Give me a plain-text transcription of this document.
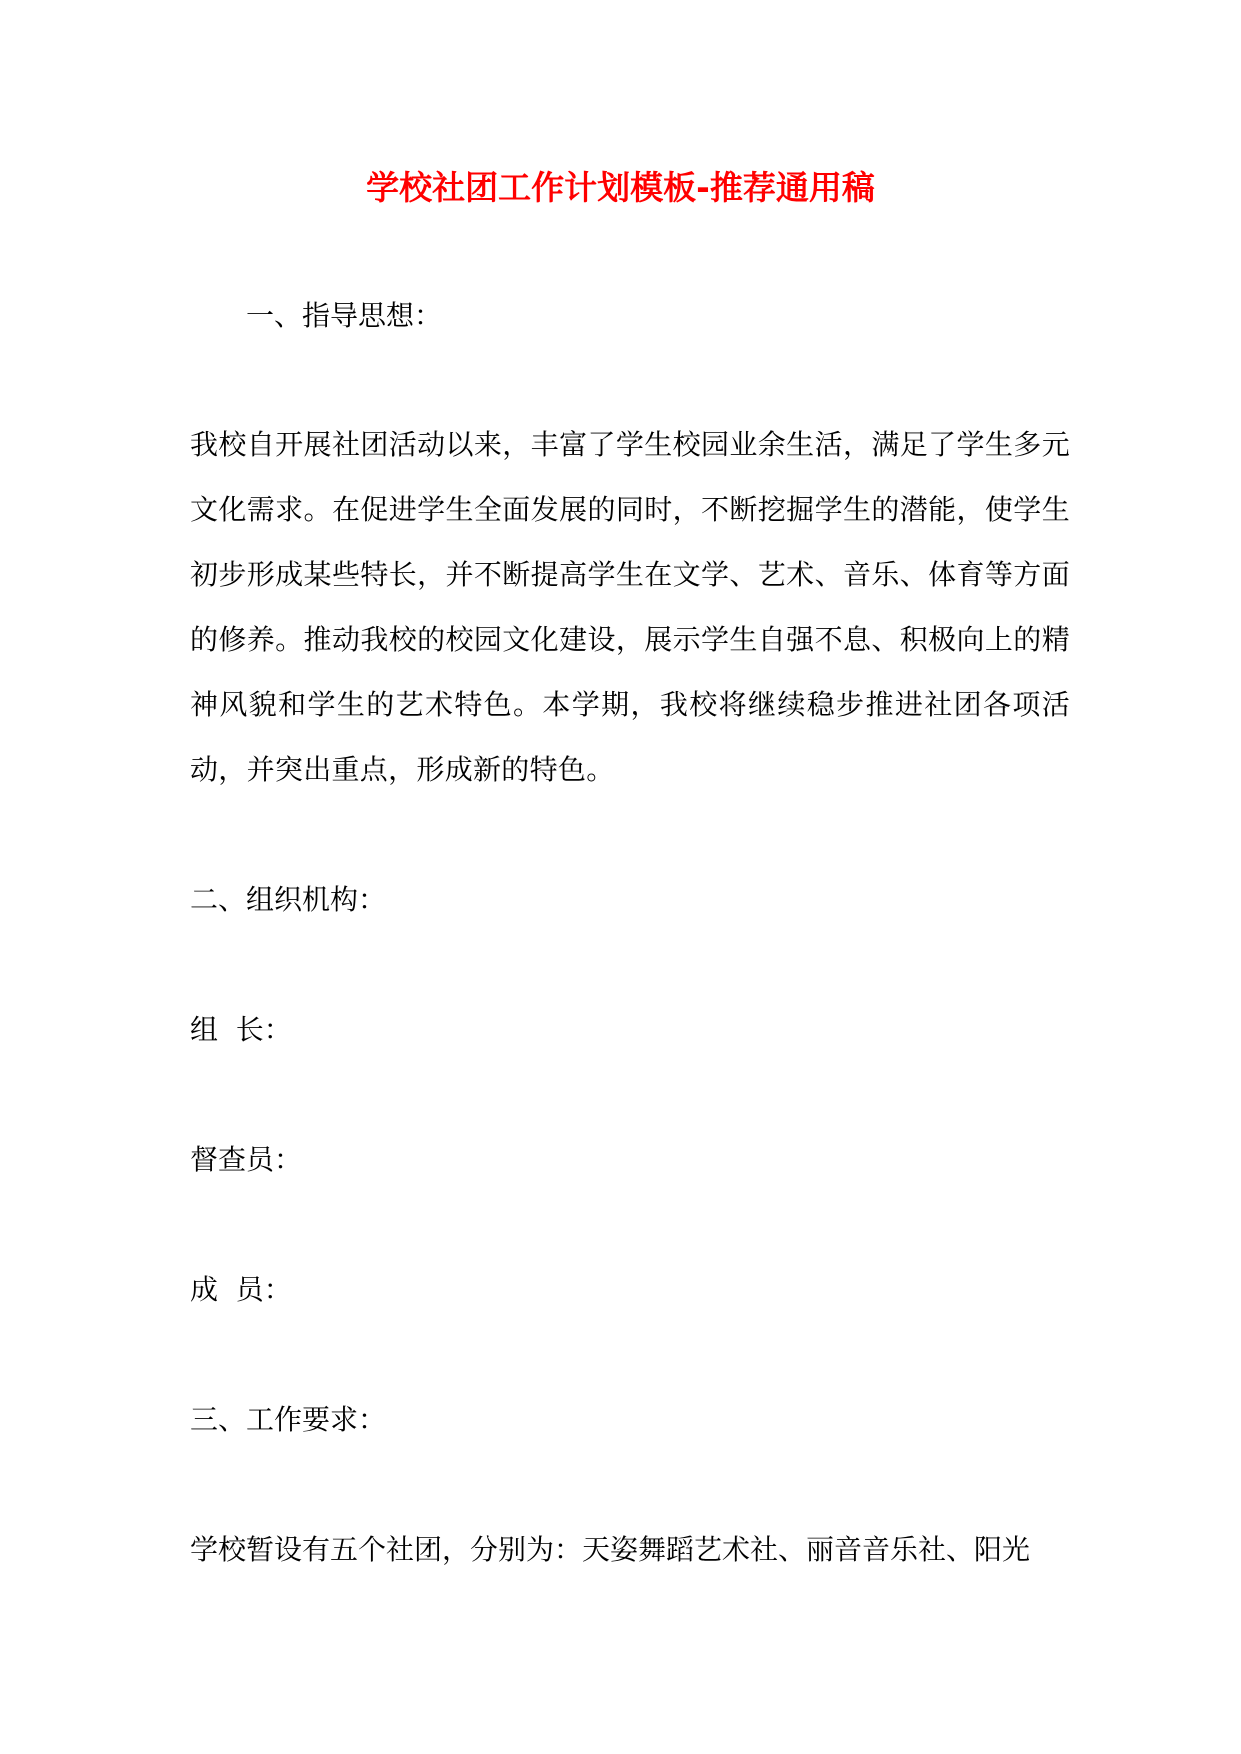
学校社团工作计划模板-推荐通用稿
一、指导思想：
我校自开展社团活动以来，丰富了学生校园业余生活，满足了学生多元文化需求。在促进学生全面发展的同时，不断挖掘学生的潜能，使学生初步形成某些特长，并不断提高学生在文学、艺术、音乐、体育等方面的修养。推动我校的校园文化建设，展示学生自强不息、积极向上的精神风貌和学生的艺术特色。本学期，我校将继续稳步推进社团各项活动，并突出重点，形成新的特色。
二、组织机构：
组  长：
督查员：
成  员：
三、工作要求：
学校暂设有五个社团，分别为：天姿舞蹈艺术社、丽音音乐社、阳光
